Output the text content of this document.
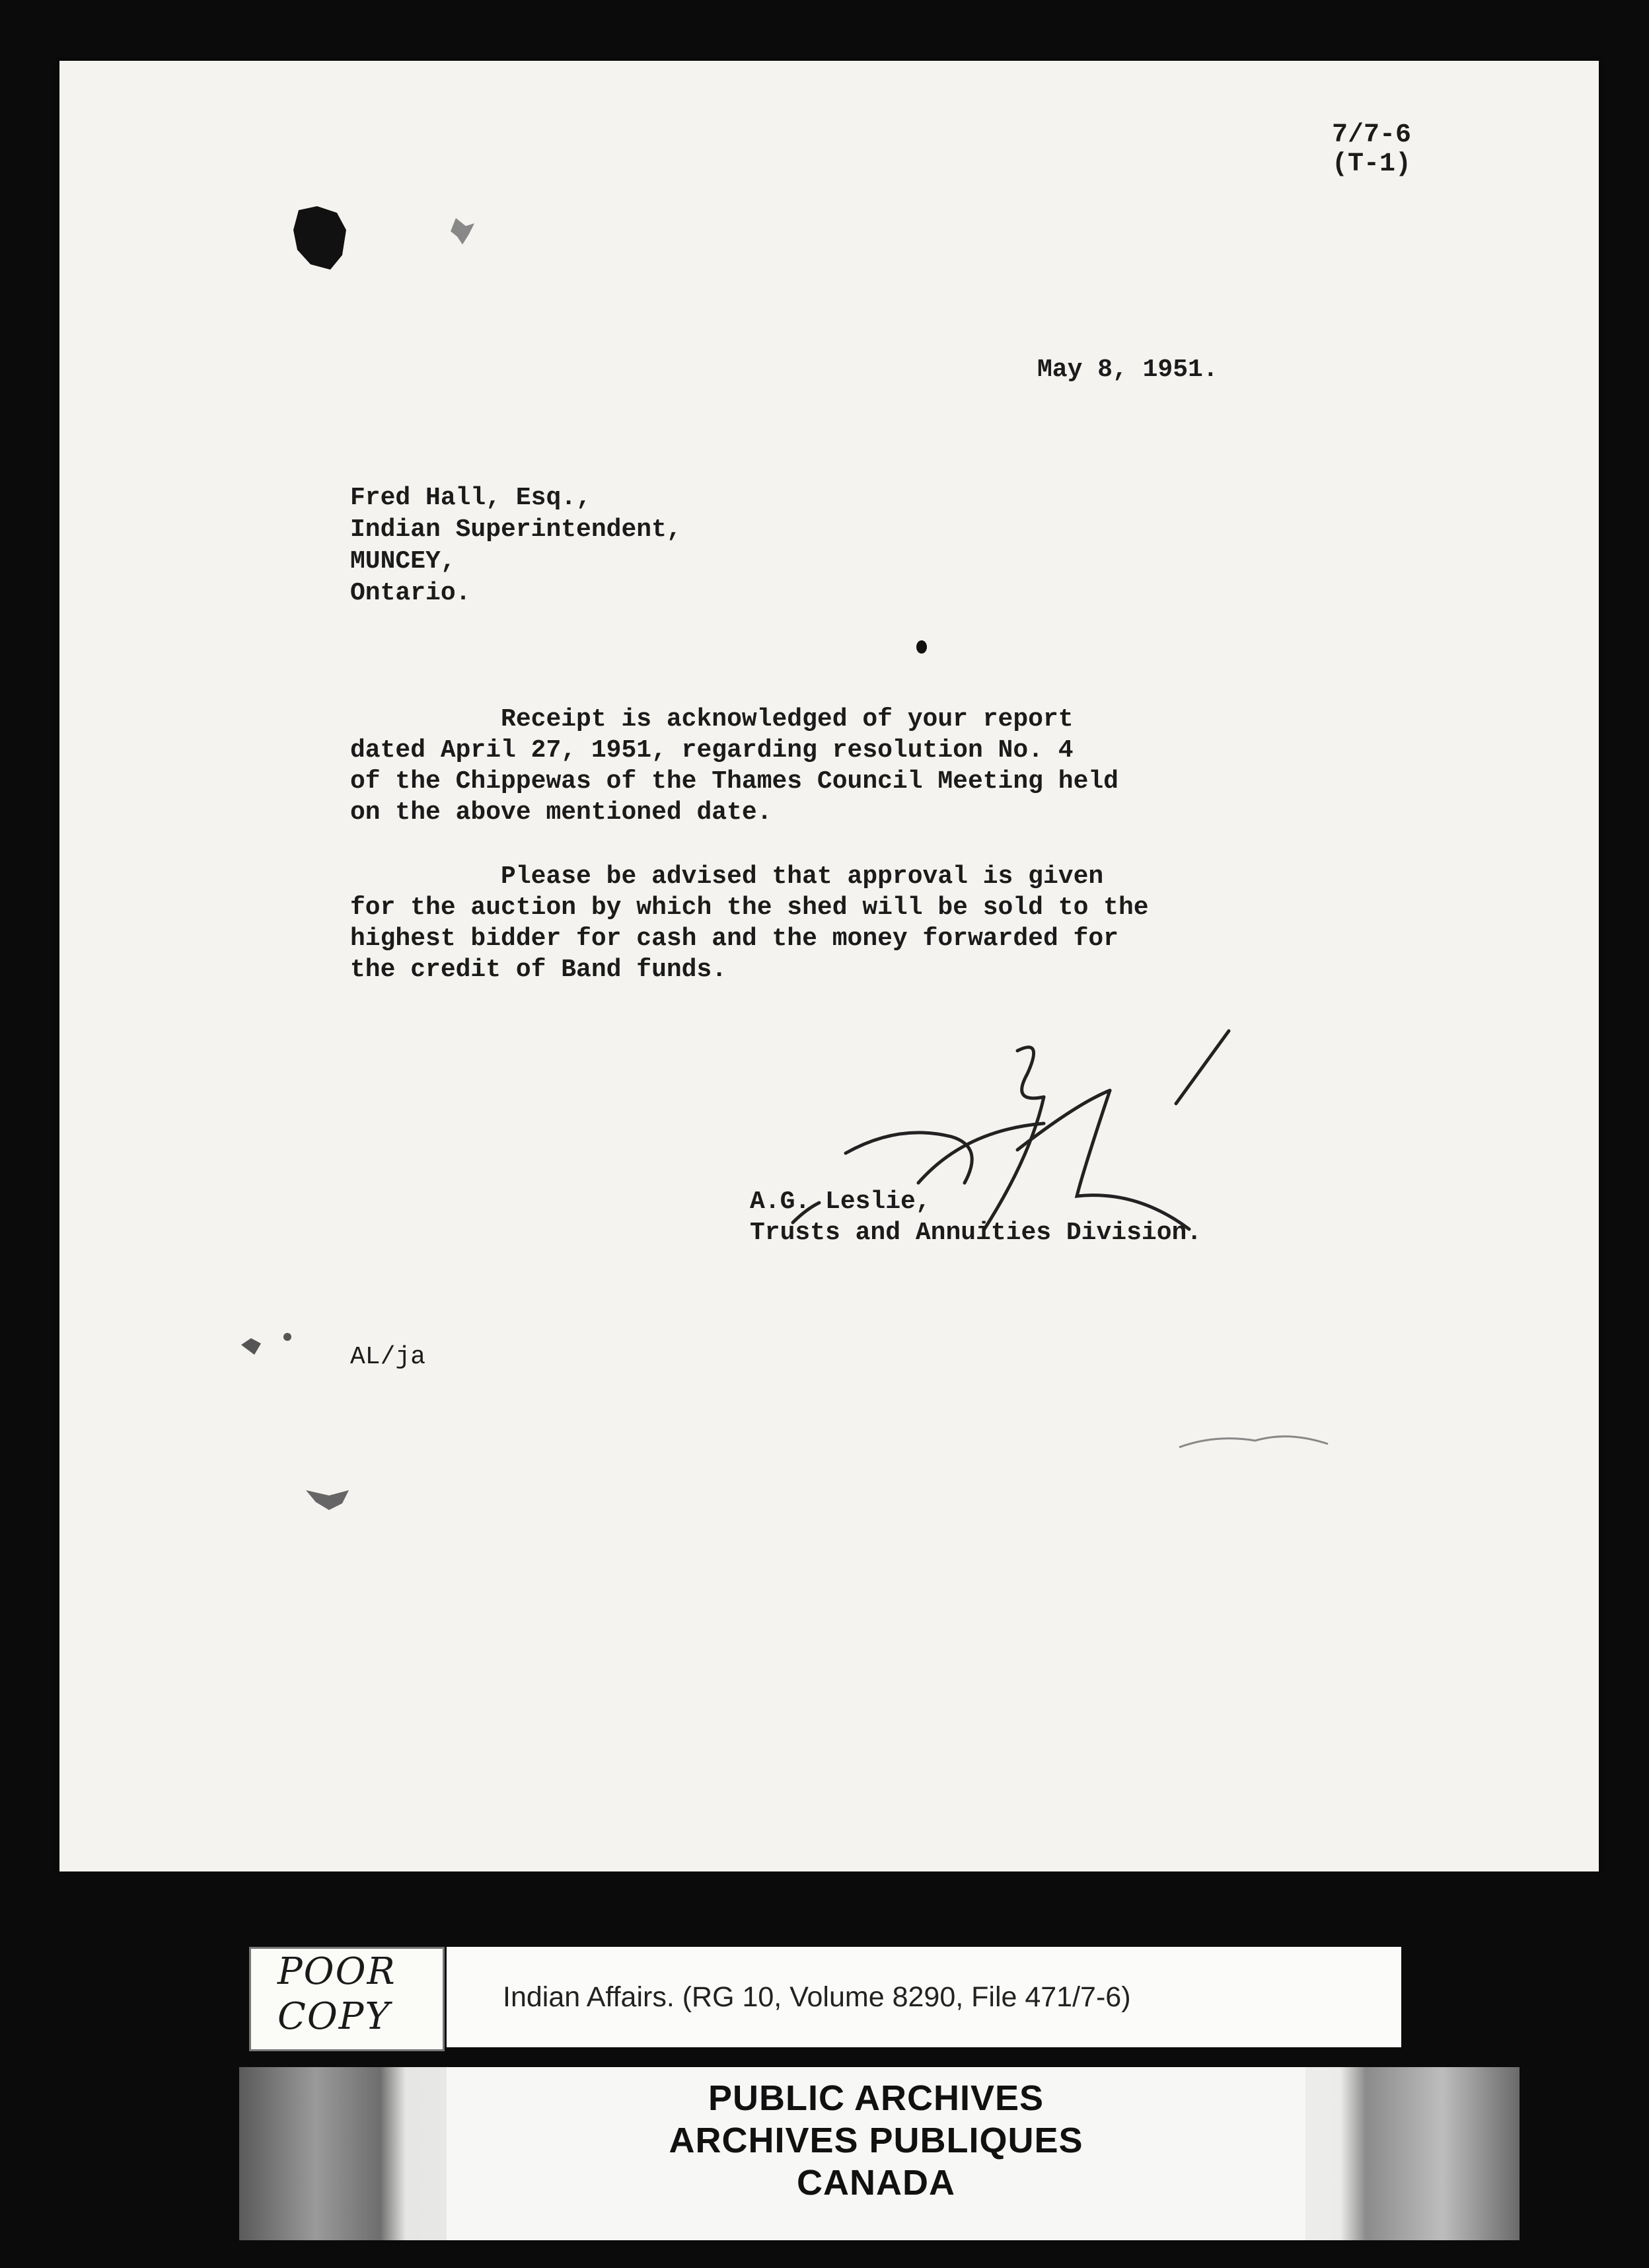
7/7-6
(T-1)
May 8, 1951.
Fred Hall, Esq.,
Indian Superintendent,
MUNCEY,
Ontario.
Receipt is acknowledged of your report
dated April 27, 1951, regarding resolution No. 4
of the Chippewas of the Thames Council Meeting held
on the above mentioned date.
Please be advised that approval is given
for the auction by which the shed will be sold to the
highest bidder for cash and the money forwarded for
the credit of Band funds.
A.G. Leslie,
Trusts and Annuities Division.
AL/ja
POOR
COPY	Indian Affairs. (RG 10, Volume 8290, File 471/7-6)
PUBLIC ARCHIVES
ARCHIVES PUBLIQUES
CANADA
